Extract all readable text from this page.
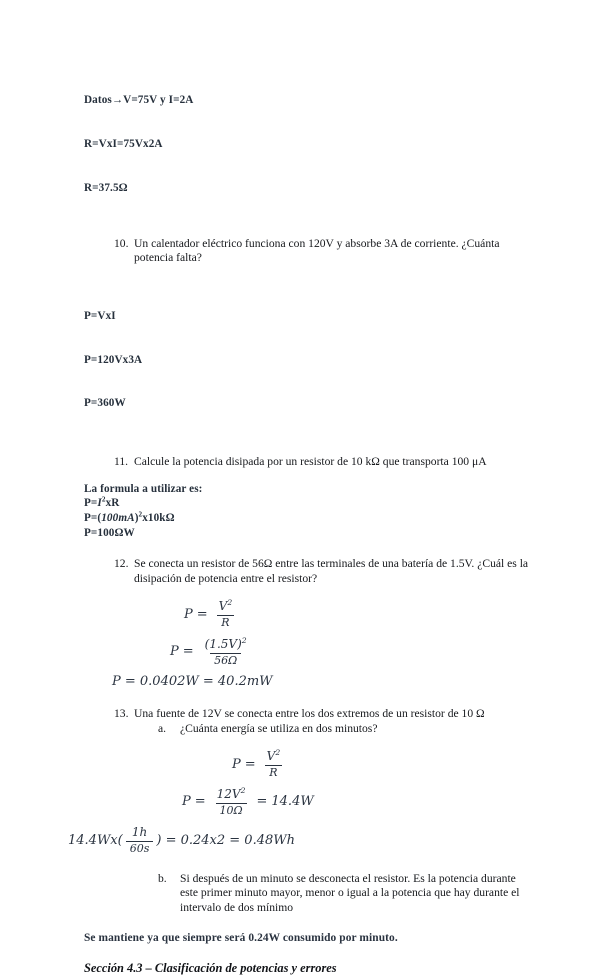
Datos→V=75V y I=2A

R=VxI=75Vx2A

R=37.5Ω

10. Un calentador eléctrico funciona con 120V y absorbe 3A de corriente. ¿Cuánta potencia falta?

P=VxI

P=120Vx3A

P=360W

11. Calcule la potencia disipada por un resistor de 10 kΩ que transporta 100 μA
La formula a utilizar es:
$P=I^2xR$
$P=(100mA)^2x10k\Omega$
P=100ΩW
12. Se conecta un resistor de 56Ω entre las terminales de una batería de 1.5V. ¿Cuál es la disipación de potencia entre el resistor?
$P = \frac{V^2}{R}$
$P = \frac{(1.5V)^2}{56\Omega}$
P = 0.0402W = 40.2mW
13. Una fuente de 12V se conecta entre los dos extremos de un resistor de 10 Ω
a.	¿Cuánta energía se utiliza en dos minutos?
$P = \frac{V^2}{R}$
$P = \frac{12V^2}{10\Omega} = 14.4W$
$14.4Wx( \frac{1h}{60s}$ ) = 0.24x2 = 0.48Wh
b.	Si después de un minuto se desconecta el resistor. Es la potencia durante este primer minuto mayor, menor o igual a la potencia que hay durante el intervalo de dos mínimo
Se mantiene ya que siempre será 0.24W consumido por minuto.
Sección 4.3 – Clasificación de potencias y errores
